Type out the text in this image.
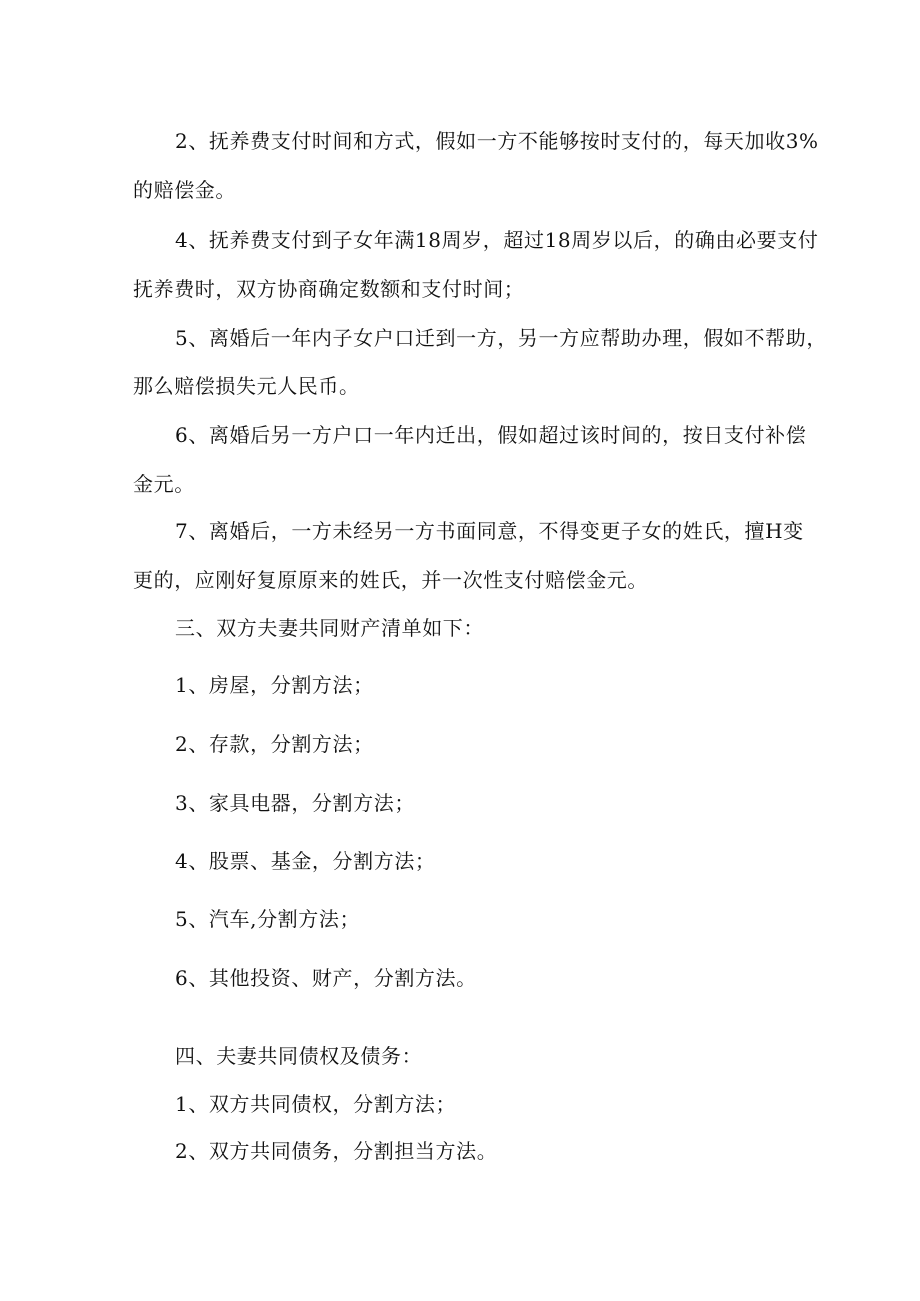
2、抚养费支付时间和方式，假如一方不能够按时支付的，每天加收3%
的赔偿金。
4、抚养费支付到子女年满18周岁，超过18周岁以后，的确由必要支付
抚养费时，双方协商确定数额和支付时间；
5、离婚后一年内子女户口迁到一方，另一方应帮助办理，假如不帮助，
那么赔偿损失元人民币。
6、离婚后另一方户口一年内迁出，假如超过该时间的，按日支付补偿
金元。
7、离婚后，一方未经另一方书面同意，不得变更子女的姓氏，擅H变
更的，应刚好复原原来的姓氏，并一次性支付赔偿金元。
三、双方夫妻共同财产清单如下：
1、房屋，分割方法；
2、存款，分割方法；
3、家具电器，分割方法；
4、股票、基金，分割方法；
5、汽车,分割方法；
6、其他投资、财产，分割方法。
四、夫妻共同债权及债务：
1、双方共同债权，分割方法；
2、双方共同债务，分割担当方法。
